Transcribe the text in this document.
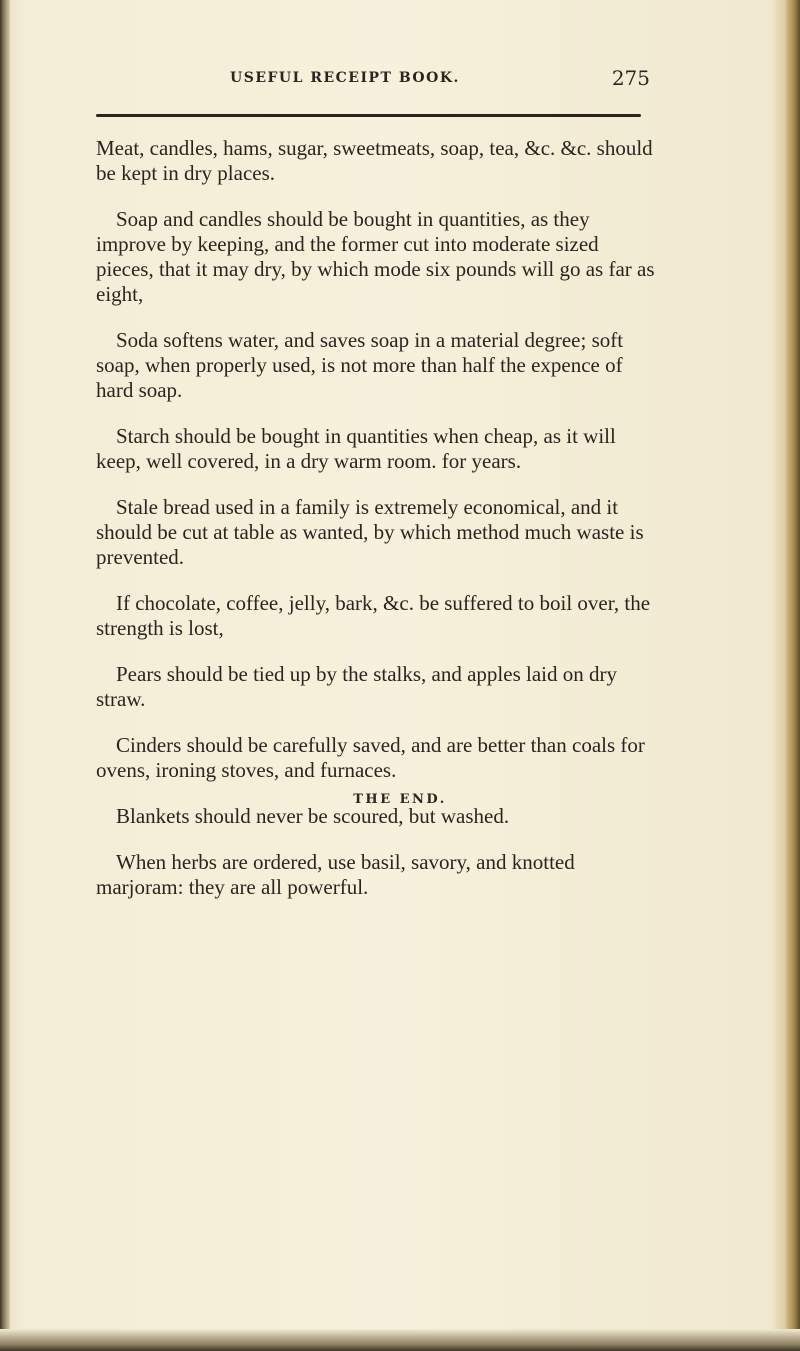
USEFUL RECEIPT BOOK.	275

Meat, candles, hams, sugar, sweetmeats, soap, tea, &c. &c. should be kept in dry places.

Soap and candles should be bought in quantities, as they improve by keeping, and the former cut into moderate sized pieces, that it may dry, by which mode six pounds will go as far as eight,

Soda softens water, and saves soap in a material degree; soft soap, when properly used, is not more than half the expence of hard soap.

Starch should be bought in quantities when cheap, as it will keep, well covered, in a dry warm room. for years.

Stale bread used in a family is extremely economical, and it should be cut at table as wanted, by which method much waste is prevented.

If chocolate, coffee, jelly, bark, &c. be suffered to boil over, the strength is lost,

Pears should be tied up by the stalks, and apples laid on dry straw.

Cinders should be carefully saved, and are better than coals for ovens, ironing stoves, and furnaces.

Blankets should never be scoured, but washed.

When herbs are ordered, use basil, savory, and knotted marjoram: they are all powerful.

THE END.
